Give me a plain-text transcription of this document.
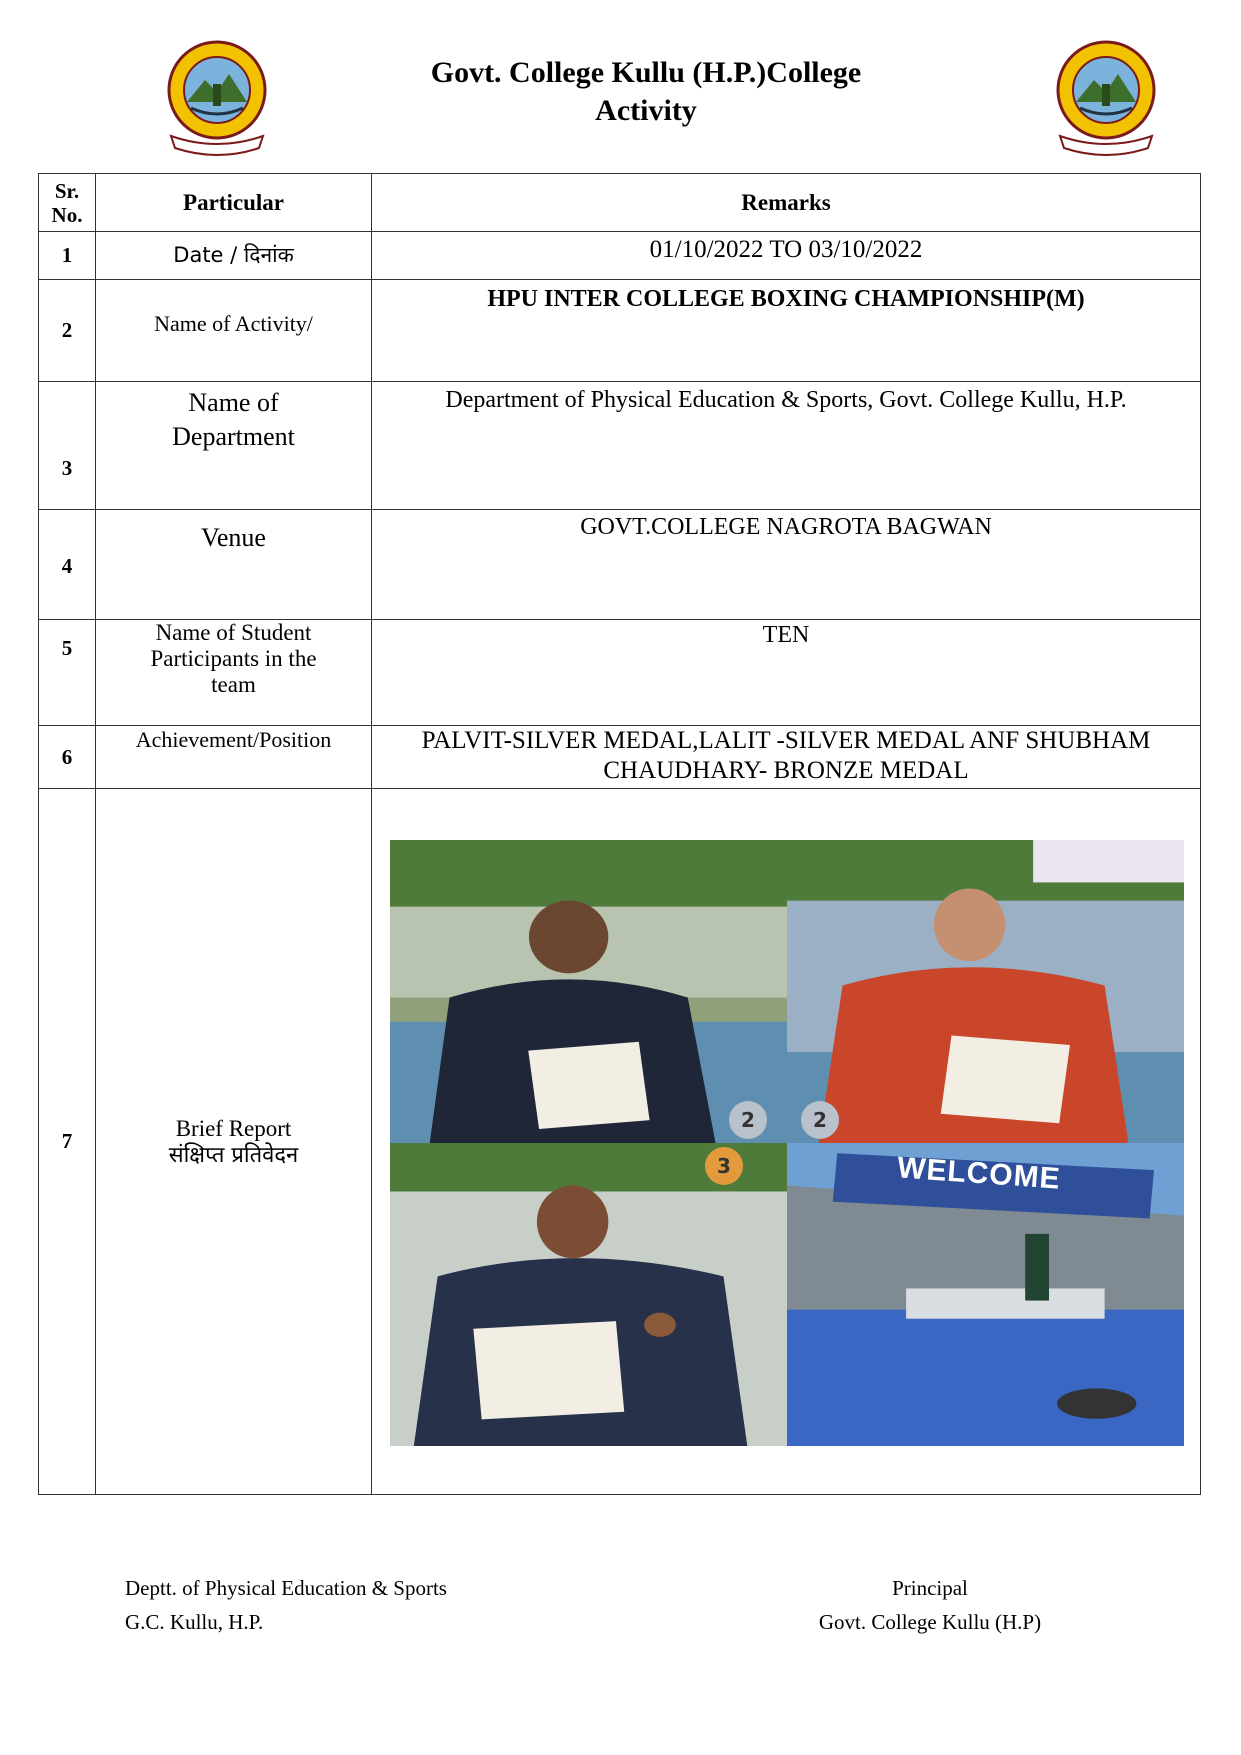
Govt. College Kullu (H.P.)College
Activity
Sr. No.	Particular	Remarks
1	Date / दिनांक	01/10/2022 TO 03/10/2022
2	Name of Activity/	HPU INTER COLLEGE BOXING CHAMPIONSHIP(M)
3	Name of Department	Department of Physical Education & Sports, Govt. College Kullu, H.P.
4	Venue	GOVT.COLLEGE NAGROTA BAGWAN
5	Name of Student Participants in the team	TEN
6	Achievement/Position	PALVIT-SILVER MEDAL,LALIT -SILVER MEDAL ANF SHUBHAM CHAUDHARY- BRONZE MEDAL
7	Brief Report
संक्षिप्त प्रतिवेदन	

2	2
3	WELCOME
Deptt. of Physical Education & Sports
G.C. Kullu, H.P.
Principal
Govt. College Kullu (H.P)
